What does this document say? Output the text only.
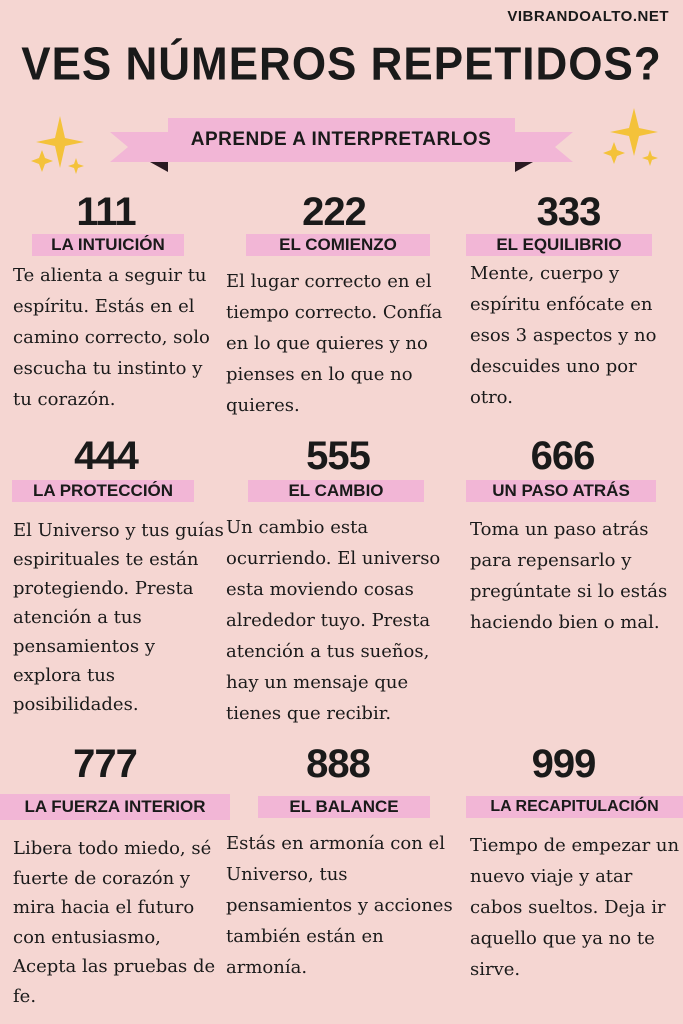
VIBRANDOALTO.NET
VES NÚMEROS REPETIDOS?
APRENDE A INTERPRETARLOS
111
LA INTUICIÓN
Te alienta a seguir tu espíritu. Estás en el camino correcto, solo escucha tu instinto y tu corazón.
222
EL COMIENZO
El lugar correcto en el tiempo correcto. Confía en lo que quieres y no pienses en lo que no quieres.
333
EL EQUILIBRIO
Mente, cuerpo y espíritu enfócate en esos 3 aspectos y no descuides uno por otro.
444
LA PROTECCIÓN
El Universo y tus guías espirituales te están protegiendo. Presta atención a tus pensamientos y explora tus posibilidades.
555
EL CAMBIO
Un cambio esta ocurriendo. El universo esta moviendo cosas alrededor tuyo. Presta atención a tus sueños, hay un mensaje que tienes que recibir.
666
UN PASO ATRÁS
Toma un paso atrás para repensarlo y pregúntate si lo estás haciendo bien o mal.
777
LA FUERZA INTERIOR
Libera todo miedo, sé fuerte de corazón y mira hacia el futuro con entusiasmo, Acepta las pruebas de fe.
888
EL BALANCE
Estás en armonía con el Universo, tus pensamientos y acciones también están en armonía.
999
LA RECAPITULACIÓN
Tiempo de empezar un nuevo viaje y atar cabos sueltos. Deja ir aquello que ya no te sirve.
